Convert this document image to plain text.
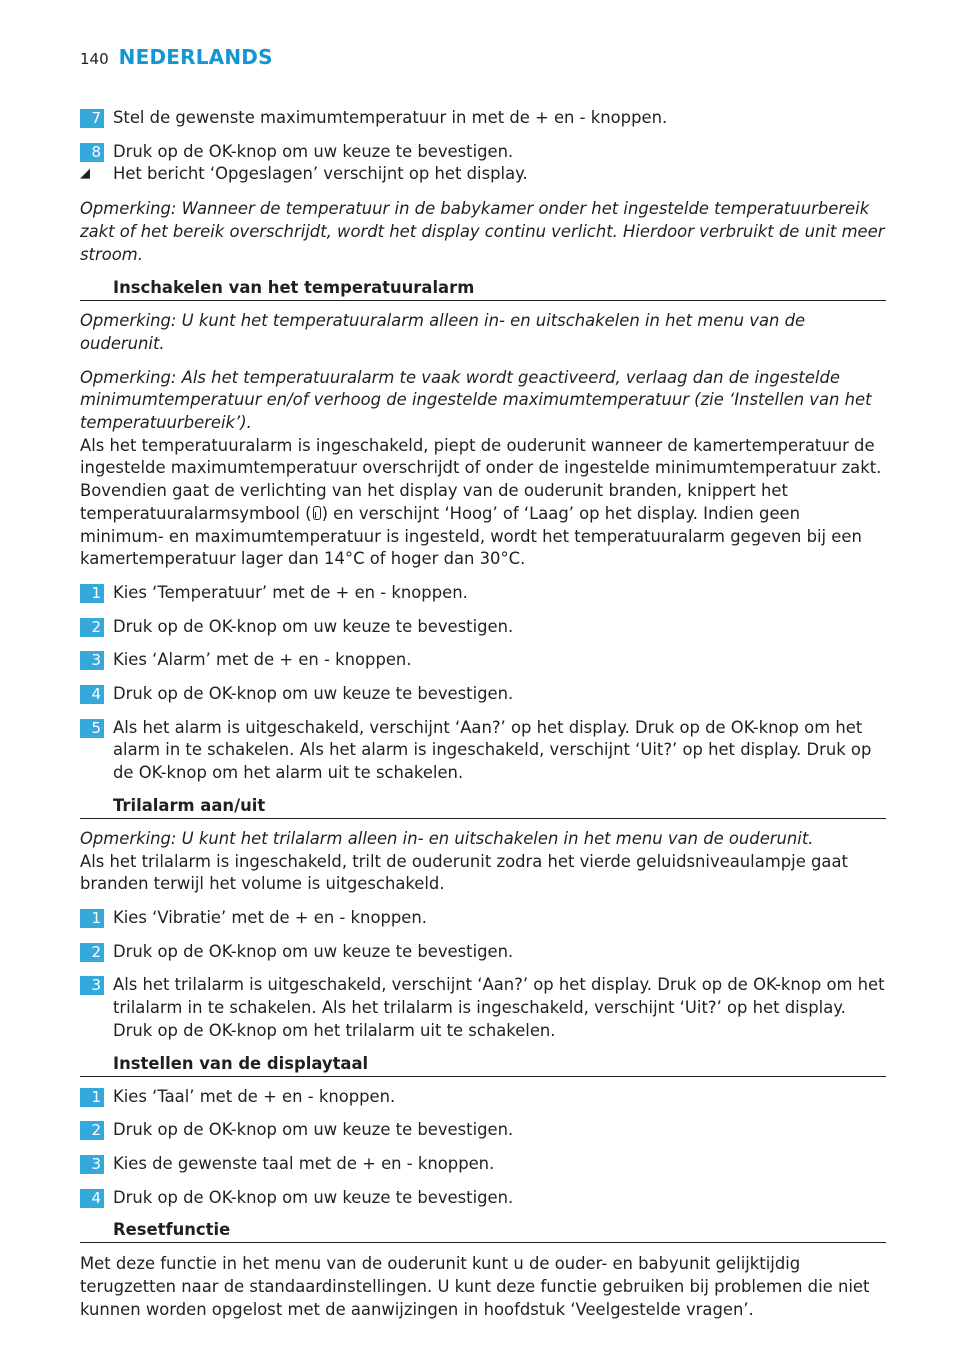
140 NEDERLANDS
7 Stel de gewenste maximumtemperatuur in met de + en - knoppen.
8 Druk op de OK-knop om uw keuze te bevestigen.
◢ Het bericht ‘Opgeslagen’ verschijnt op het display.
Opmerking: Wanneer de temperatuur in de babykamer onder het ingestelde temperatuurbereik zakt of het bereik overschrijdt, wordt het display continu verlicht. Hierdoor verbruikt de unit meer stroom.
Inschakelen van het temperatuuralarm
Opmerking: U kunt het temperatuuralarm alleen in- en uitschakelen in het menu van de ouderunit.
Opmerking: Als het temperatuuralarm te vaak wordt geactiveerd, verlaag dan de ingestelde minimumtemperatuur en/of verhoog de ingestelde maximumtemperatuur (zie ‘Instellen van het temperatuurbereik’).
Als het temperatuuralarm is ingeschakeld, piept de ouderunit wanneer de kamertemperatuur de ingestelde maximumtemperatuur overschrijdt of onder de ingestelde minimumtemperatuur zakt. Bovendien gaat de verlichting van het display van de ouderunit branden, knippert het temperatuuralarmsymbool ( ) en verschijnt ‘Hoog’ of ‘Laag’ op het display. Indien geen minimum- en maximumtemperatuur is ingesteld, wordt het temperatuuralarm gegeven bij een kamertemperatuur lager dan 14°C of hoger dan 30°C.
1 Kies ‘Temperatuur’ met de + en - knoppen.
2 Druk op de OK-knop om uw keuze te bevestigen.
3 Kies ‘Alarm’ met de + en - knoppen.
4 Druk op de OK-knop om uw keuze te bevestigen.
5 Als het alarm is uitgeschakeld, verschijnt ‘Aan?’ op het display. Druk op de OK-knop om het alarm in te schakelen. Als het alarm is ingeschakeld, verschijnt ‘Uit?’ op het display. Druk op de OK-knop om het alarm uit te schakelen.
Trilalarm aan/uit
Opmerking: U kunt het trilalarm alleen in- en uitschakelen in het menu van de ouderunit.
Als het trilalarm is ingeschakeld, trilt de ouderunit zodra het vierde geluidsniveaulampje gaat branden terwijl het volume is uitgeschakeld.
1 Kies ‘Vibratie’ met de + en - knoppen.
2 Druk op de OK-knop om uw keuze te bevestigen.
3 Als het trilalarm is uitgeschakeld, verschijnt ‘Aan?’ op het display. Druk op de OK-knop om het trilalarm in te schakelen. Als het trilalarm is ingeschakeld, verschijnt ‘Uit?’ op het display. Druk op de OK-knop om het trilalarm uit te schakelen.
Instellen van de displaytaal
1 Kies ‘Taal’ met de + en - knoppen.
2 Druk op de OK-knop om uw keuze te bevestigen.
3 Kies de gewenste taal met de + en - knoppen.
4 Druk op de OK-knop om uw keuze te bevestigen.
Resetfunctie
Met deze functie in het menu van de ouderunit kunt u de ouder- en babyunit gelijktijdig terugzetten naar de standaardinstellingen. U kunt deze functie gebruiken bij problemen die niet kunnen worden opgelost met de aanwijzingen in hoofdstuk ‘Veelgestelde vragen’.
